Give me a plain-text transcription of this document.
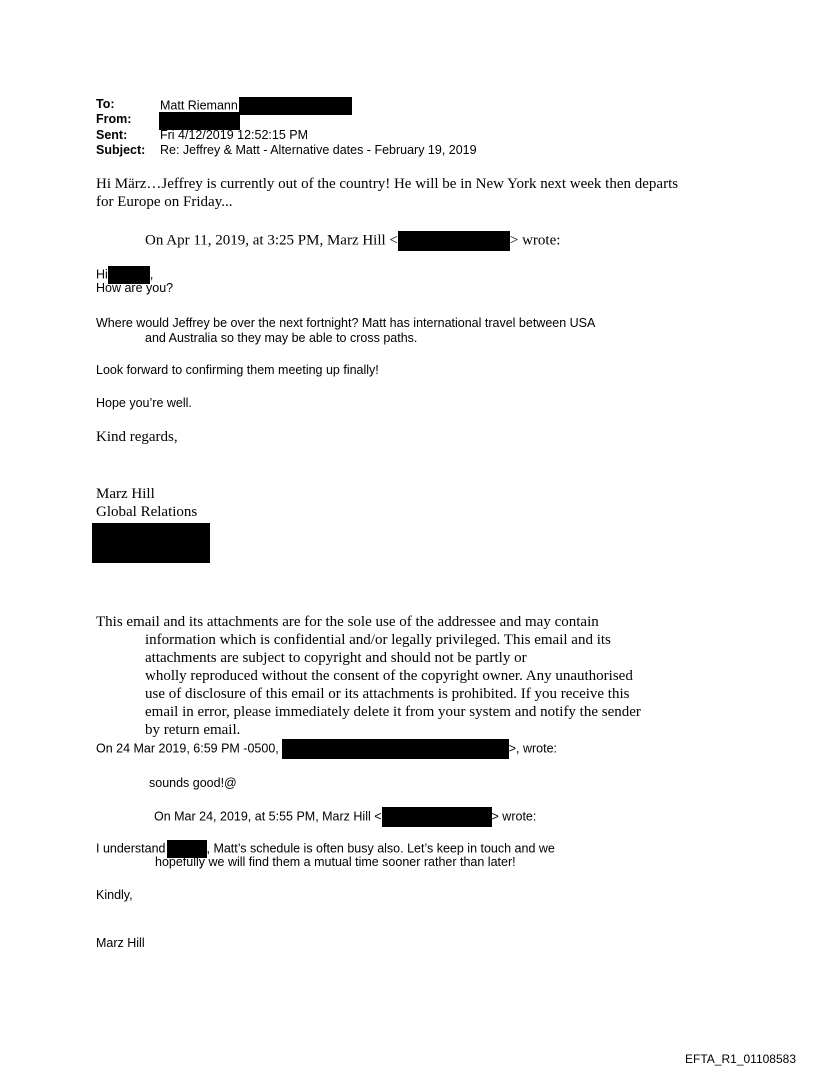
To:	Matt Riemann
From:
Sent:	Fri 4/12/2019 12:52:15 PM
Subject: Re: Jeffrey & Matt - Alternative dates - February 19, 2019
Hi März…Jeffrey is currently out of the country! He will be in New York next week then departs
for Europe on Friday...
On Apr 11, 2019, at 3:25 PM, Marz Hill <	> wrote:
Hi	,
How are you?
Where would Jeffrey be over the next fortnight? Matt has international travel between USA
and Australia so they may be able to cross paths.
Look forward to confirming them meeting up finally!
Hope you’re well.
Kind regards,
Marz Hill
Global Relations
This email and its attachments are for the sole use of the addressee and may contain
information which is confidential and/or legally privileged. This email and its
attachments are subject to copyright and should not be partly or
wholly reproduced without the consent of the copyright owner. Any unauthorised
use of disclosure of this email or its attachments is prohibited. If you receive this
email in error, please immediately delete it from your system and notify the sender
by return email.
On 24 Mar 2019, 6:59 PM -0500,	>, wrote:
sounds good!@
On Mar 24, 2019, at 5:55 PM, Marz Hill <	> wrote:
I understand	, Matt’s schedule is often busy also. Let’s keep in touch and we
hopefully we will find them a mutual time sooner rather than later!
Kindly,
Marz Hill
EFTA_R1_01108583
